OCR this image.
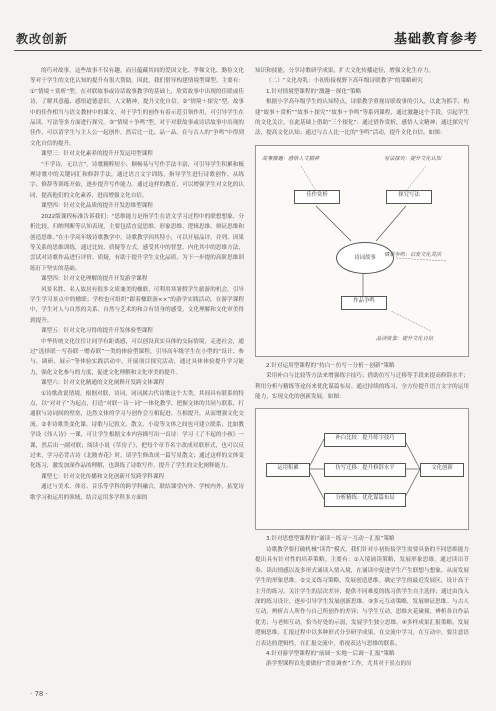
教改创新	基础教育参考

的巧对故事，这些故事不仅有趣，而且蕴藏其间的爱国文化、孝悌文化、勤俭文化等对于学生的文化认知的提升有很大帮助。因此，我们借导构建情境型课型。主要有：①“情境＋赏析”型。在对联故事或诗话故事教学的基础上，欣赏故事中出现的佳联或佳诗，了解其意蕴、感悟道德意识、人文精神，提升文化自信。②“情境＋探究”型。故事中的佳作相当与语文教材中的课文，对于学生的创作有着示范引领作用，可引导学生在品读、写法等多方面进行探究。③“情境＋争鸣”型。对于对联故事或诗话故事中出现的佳作，可以请学生与主人公一起创作，然后比一比、品一品、在与古人的“争鸣”中得到文化自信的提升。

课型三：针对文化素养的提升开发运用型课程

“不学诗，无以言”。诗歌精粹短小、顺畅易与写作手法丰富，可引导学生积累和梳理诗歌中的关键词汇和修辞手法，通过语言文字训练，指导学生进行诗歌创作、从练字、修辞等训练开始，逐步提升写作能力。通过这样的教育，可以增强学生对文化的认同，提高他们的文化素养，进而增强文化自信。

课型四：针对文化品质的提升开发思维型课程

2022版课程标准告诉我们：“思维能力是指学生在语文学习过程中的联想想象、分析比较、归纳判断等认知表现，主要包括直觉思维、形象思维、逻辑思维、辩证思维和创造思维。”在小学高年级诗歌教学中，诗歌教学因其特小，可以开展品评、并列、因果等关系的思维训练，通过比较、质疑等方式，感受其中的智慧，内化其中的思维方法，尝试对诗歌作品进行评价、质疑，有助于提升学生文化品质，为下一步提的高阶思维训练打下坚实的基础。

课型四：针对文化理解的提升开发游学课程

风景名胜、名人故居有很多文质兼美的楹联，可利用寒暑假学生旅游的机会，引导学生学习景点中的楹联；学校也可组织“跟着楹联游××”的游学实践活动，在游学课程中，学生对人与自然的关系、自然与艺术的和合有切身的感受，文化理解和文化审美得到提升。

课型五：针对文化习得的提升开发体验型课程

中华传统文化往往让同学有距离感，可以创设真实具体的交际情境，走进社会，通过“选择联－写春联－赠春联”一类的体验型课程，引导高年级学生在小型的“设计、参与、调研、展示”等体验实践活动中，开展项目探究活动，通过具体体验提升学习能力，强化文化参与的力度，促进文化理解和文化审美的提升。

课型六：针对文化精通的文化阐释开发跨文体课程

①诗歌改说情境。根据对联、诗词、词词属古代诗歌这个大类，其间具有联系的特点，以“对对子”为起点，打造“对联－诗－词”一体化教学，把握文体的共同与联系，打通联与诗词间的壁垒，达然文体的学习与创作会互相促进、互相提升，从而增强文化交流。②非诗歌类变化课。诗歌与记叙文、散文、小说等文体之间也可建立联系，比如教学设《伟人诗》一课，可让学生根据文本内容描写出一首诗：学习《了不起的小孩》一课，然后出一副对联；阅读小说《草房子》，把每个章节名字改成对联形式，也可以反过来，学习必背古诗《北陂杏花》时，请学生修改成一篇写景散文；通过这样的文体变化练习，激发加深作品的理解，也训练了诗歌写作，提升了学生的文化阐释能力。

课型七：针对文化传播和文化创新开发跨学科课程

通过与美术、体育、音乐等学科的跨学科融合，联结课堂内外、学校内外，拓宽诗歌学习和运用的领域，结合运用多学科多方面的

知识和技能，分享诗歌研学成果，扩大文化传播途径，增强文化生存力。

（二）“文化母乳：小初衔接视野下高年级诗联教学”的策略研究

1.针对情境型课程的“激趣－探化”策略

根据小学高年级学生的认知特点，诗联教学重视诗联故事的引入，以此为抓手，构建“故事＋赏析”“故事＋探究”“故事＋争鸣”等系列课程，通过激趣这个手段，引起学生的文化关注，在此基础上借助“三个探化”：通过借作赏析，感悟人文精神；通过探究写法，提高文化认知；通过与古人比一比的“争鸣”活动，提升文化自信。如图：

故事激趣：感悟人文精神	写法探究：提升文化认知
佳作赏析	探究写法
诗词故事
作品争鸣
情景争鸣：启发文化灵活
品读赏鉴：提升文化自信

2.针对运用型课程的“持白－仿写－分析－创新”策略

采用补白与比较等方法来增强练字技巧；借助仿写与迁移等手段来提高修辞水平；利用分析与精练等途径来优化谋篇布局。通过持续的练习，全方位提升语言文字的运用能力，实现文化的创新发展。如图：

运用积累
补白比较：提升练字技巧
仿写迁移：提升修辞水平
分析精练：优化谋篇布局
文化创新

3.针对思想型课程的“诵读－练习－互动－汇报”策略

诗歌教学要打破机械“读背”模式，我们针对小初衔接学生需要具备的不同思维能力提出具有针对性的培养策略。主要有：①入境诵读策略，发展形象思维。通过读出节奏、读出情感以及多形式诵读入情入境，在诵读中促进学生产生联想与想象，从而发展学生的形象思维。②交叉练习策略，发展创造思维。确定学生的最近发展区，设计高于主升的练习，关注学生的层次差异，提供不同难度的练习供学生自主选择；通过由浅入深的练习设计，逐步引导学生发展创新思维。③多元互动策略，发展辩证思维。与古人互动，辨析古人所作与自己所创作的差异；与学生互动，思维火花碰撞，辨析各自作品优劣；与老师互动，恰当好处的示弱，发展学生独立思维。④多样成果汇报策略，发展逻辑思维。汇报过程中以多种形式分享研学成果，在交流中学习，在互动中，要注意语言表达的逻辑性，在汇报交流中，重视表达与思维的联系。

4.针对游学型课程的“前调－实地－后调－汇报”策略

游学型课程首先要做好“背景调查”工作，尤其对于景点的历

· 78 ·
